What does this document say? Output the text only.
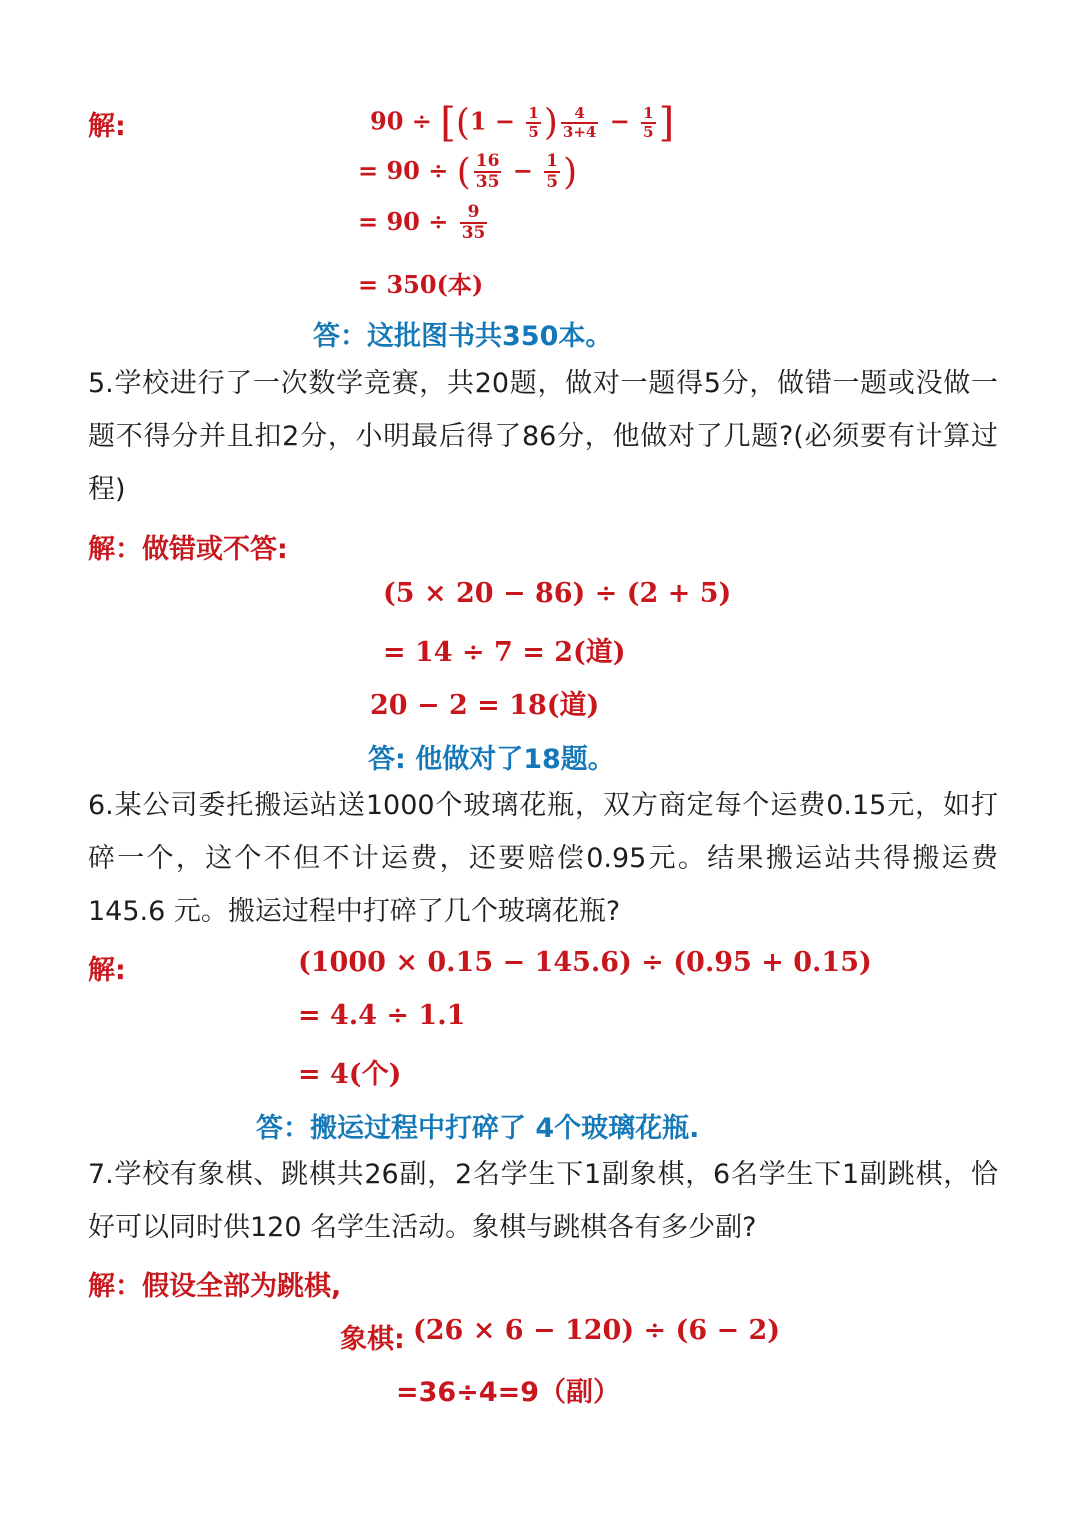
解:	$90 \div [(1 - \frac{1}{5}$ ) $\frac{4}{3+4} - \frac{1}{5}$ ]
= 90 ÷ ( $\frac{16}{35} - \frac{1}{5}$ )
= $90 \div \frac{9}{35}$
= 350(本)
答：这批图书共350本。
5.学校进行了一次数学竞赛，共20题，做对一题得5分，做错一题或没做一题不得分并且扣2分，小明最后得了86分，他做对了几题?(必须要有计算过程)
解：做错或不答:
(5 × 20 − 86) ÷ (2 + 5)
= 14 ÷ 7 = 2(道)
20 − 2 = 18(道)
答: 他做对了18题。
6.某公司委托搬运站送1000个玻璃花瓶，双方商定每个运费0.15元，如打碎一个，这个不但不计运费，还要赔偿0.95元。结果搬运站共得搬运费145.6 元。搬运过程中打碎了几个玻璃花瓶?
解:	(1000 × 0.15 − 145.6) ÷ (0.95 + 0.15)
= 4.4 ÷ 1.1
= 4(个)
答：搬运过程中打碎了 4个玻璃花瓶.
7.学校有象棋、跳棋共26副，2名学生下1副象棋，6名学生下1副跳棋，恰好可以同时供120 名学生活动。象棋与跳棋各有多少副?
解：假设全部为跳棋,
象棋: (26 × 6 − 120) ÷ (6 − 2)
=36÷4=9（副）
